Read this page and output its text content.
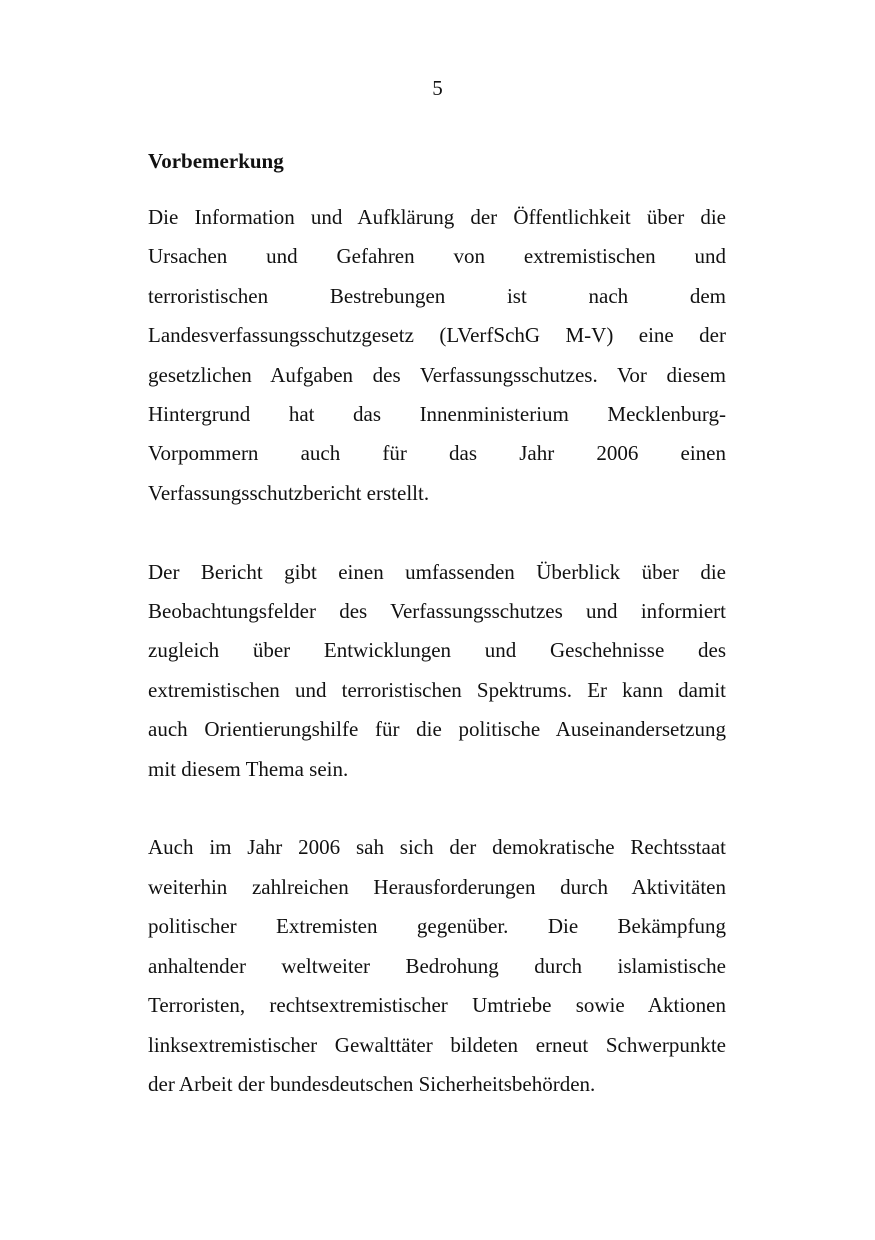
5
Vorbemerkung
Die Information und Aufklärung der Öffentlichkeit über die
Ursachen und Gefahren von extremistischen und
terroristischen Bestrebungen ist nach dem
Landesverfassungsschutzgesetz (LVerfSchG M-V) eine der
gesetzlichen Aufgaben des Verfassungsschutzes. Vor diesem
Hintergrund hat das Innenministerium Mecklenburg-
Vorpommern auch für das Jahr 2006 einen
Verfassungsschutzbericht erstellt.
Der Bericht gibt einen umfassenden Überblick über die
Beobachtungsfelder des Verfassungsschutzes und informiert
zugleich über Entwicklungen und Geschehnisse des
extremistischen und terroristischen Spektrums. Er kann damit
auch Orientierungshilfe für die politische Auseinandersetzung
mit diesem Thema sein.
Auch im Jahr 2006 sah sich der demokratische Rechtsstaat
weiterhin zahlreichen Herausforderungen durch Aktivitäten
politischer Extremisten gegenüber. Die Bekämpfung
anhaltender weltweiter Bedrohung durch islamistische
Terroristen, rechtsextremistischer Umtriebe sowie Aktionen
linksextremistischer Gewalttäter bildeten erneut Schwerpunkte
der Arbeit der bundesdeutschen Sicherheitsbehörden.
